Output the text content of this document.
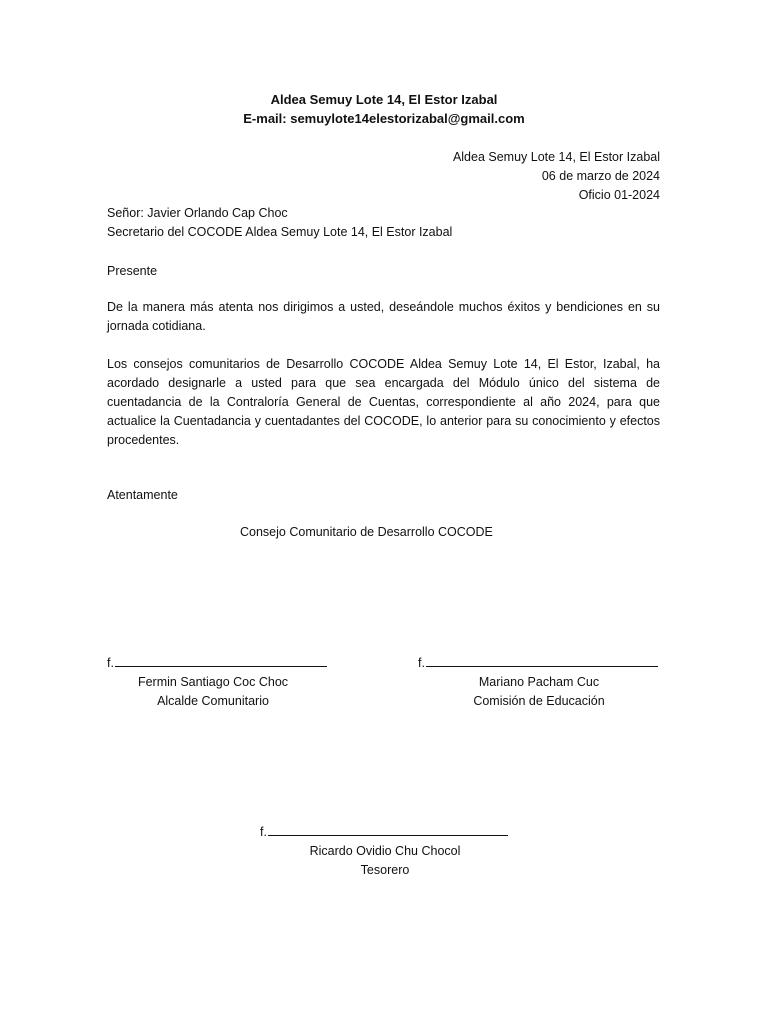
Aldea Semuy Lote 14, El Estor Izabal
E-mail: semuylote14elestorizabal@gmail.com
Aldea Semuy Lote 14, El Estor Izabal
06 de marzo de 2024
Oficio 01-2024
Señor: Javier Orlando Cap Choc
Secretario del COCODE Aldea Semuy Lote 14, El Estor Izabal
Presente
De la manera más atenta nos dirigimos a usted, deseándole muchos éxitos y bendiciones en su jornada cotidiana.
Los consejos comunitarios de Desarrollo COCODE Aldea Semuy Lote 14, El Estor, Izabal, ha acordado designarle a usted para que sea encargada del Módulo único del sistema de cuentadancia de la Contraloría General de Cuentas, correspondiente al año 2024, para que actualice la Cuentadancia y cuentadantes del COCODE, lo anterior para su conocimiento y efectos procedentes.
Atentamente
Consejo Comunitario de Desarrollo COCODE
f.
Fermin Santiago Coc Choc
Alcalde Comunitario
f.
Mariano Pacham Cuc
Comisión de Educación
f.
Ricardo Ovidio Chu Chocol
Tesorero
